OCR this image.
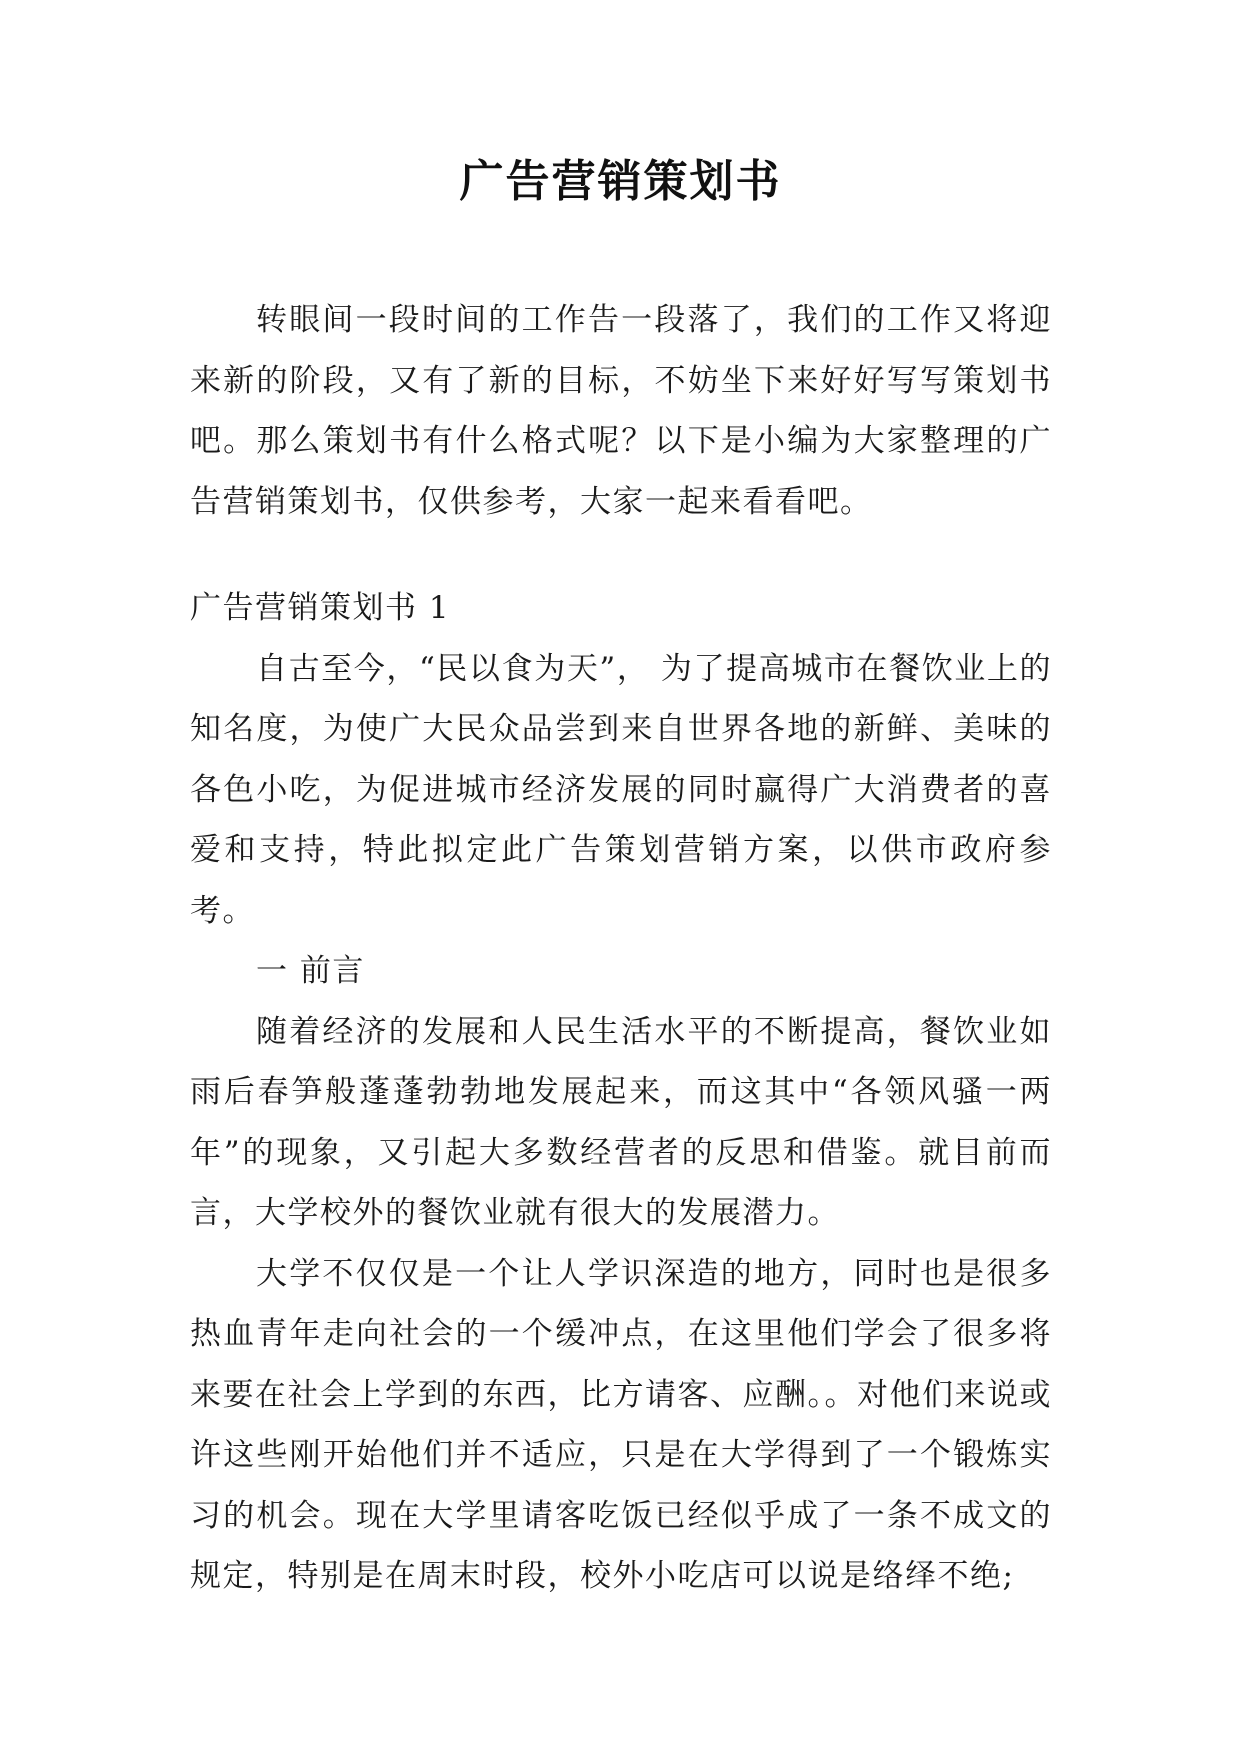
广告营销策划书

转眼间一段时间的工作告一段落了，我们的工作又将迎来新的阶段，又有了新的目标，不妨坐下来好好写写策划书吧。那么策划书有什么格式呢？以下是小编为大家整理的广告营销策划书，仅供参考，大家一起来看看吧。

广告营销策划书 1

自古至今，“民以食为天”， 为了提高城市在餐饮业上的知名度，为使广大民众品尝到来自世界各地的新鲜、美味的各色小吃，为促进城市经济发展的同时赢得广大消费者的喜爱和支持，特此拟定此广告策划营销方案，以供市政府参考。

一 前言

随着经济的发展和人民生活水平的不断提高，餐饮业如雨后春笋般蓬蓬勃勃地发展起来，而这其中“各领风骚一两年”的现象，又引起大多数经营者的反思和借鉴。就目前而言，大学校外的餐饮业就有很大的发展潜力。

大学不仅仅是一个让人学识深造的地方，同时也是很多热血青年走向社会的一个缓冲点，在这里他们学会了很多将来要在社会上学到的东西，比方请客、应酬。。对他们来说或许这些刚开始他们并不适应，只是在大学得到了一个锻炼实习的机会。现在大学里请客吃饭已经似乎成了一条不成文的规定，特别是在周末时段，校外小吃店可以说是络绎不绝;
